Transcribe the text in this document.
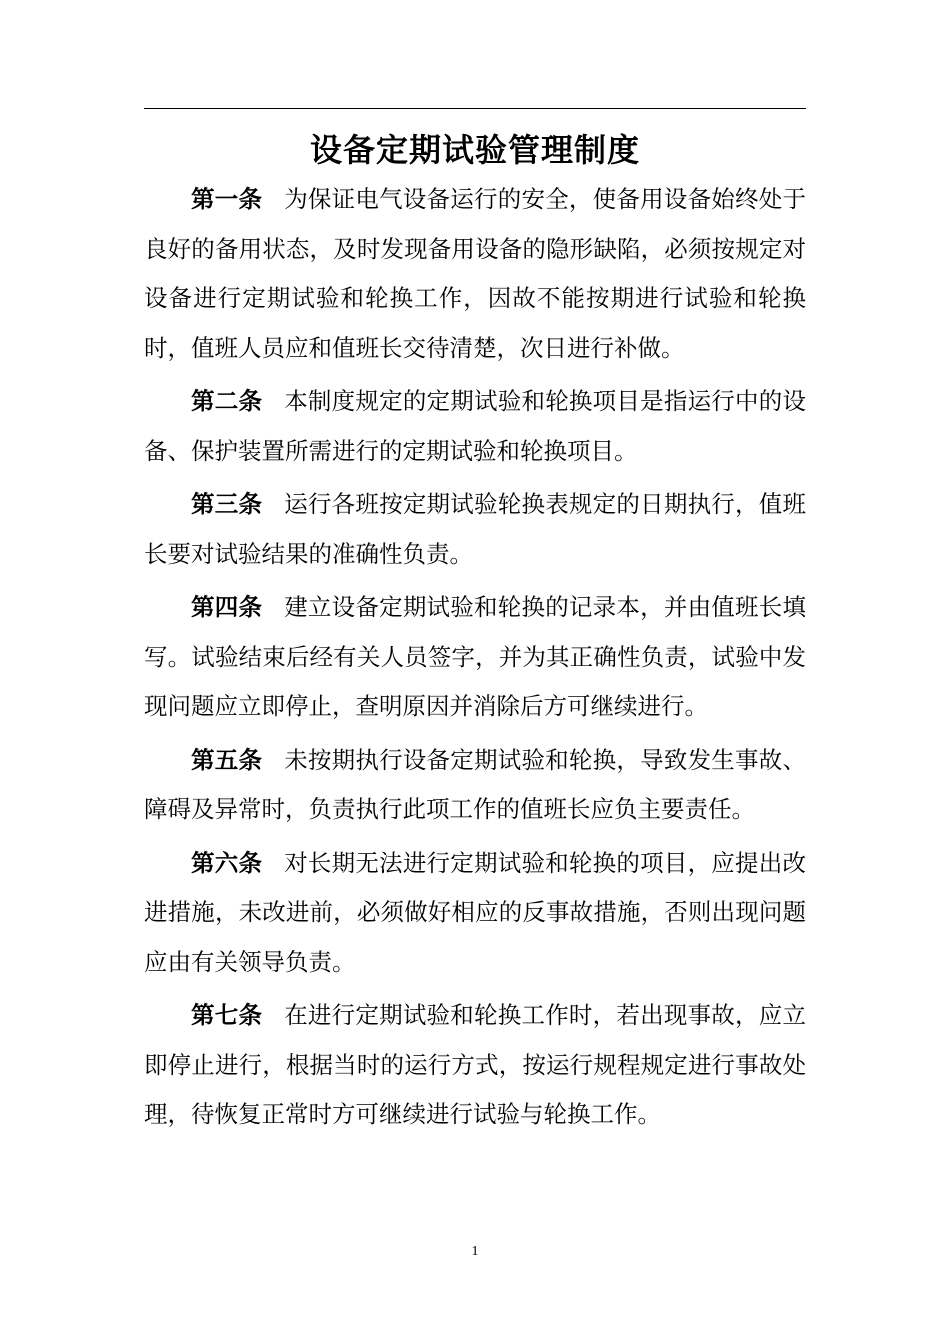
设备定期试验管理制度

第一条 为保证电气设备运行的安全，使备用设备始终处于良好的备用状态，及时发现备用设备的隐形缺陷，必须按规定对设备进行定期试验和轮换工作，因故不能按期进行试验和轮换时，值班人员应和值班长交待清楚，次日进行补做。

第二条 本制度规定的定期试验和轮换项目是指运行中的设备、保护装置所需进行的定期试验和轮换项目。

第三条 运行各班按定期试验轮换表规定的日期执行，值班长要对试验结果的准确性负责。

第四条 建立设备定期试验和轮换的记录本，并由值班长填写。试验结束后经有关人员签字，并为其正确性负责，试验中发现问题应立即停止，查明原因并消除后方可继续进行。

第五条 未按期执行设备定期试验和轮换，导致发生事故、障碍及异常时，负责执行此项工作的值班长应负主要责任。

第六条 对长期无法进行定期试验和轮换的项目，应提出改进措施，未改进前，必须做好相应的反事故措施，否则出现问题应由有关领导负责。

第七条 在进行定期试验和轮换工作时，若出现事故，应立即停止进行，根据当时的运行方式，按运行规程规定进行事故处理，待恢复正常时方可继续进行试验与轮换工作。

1
